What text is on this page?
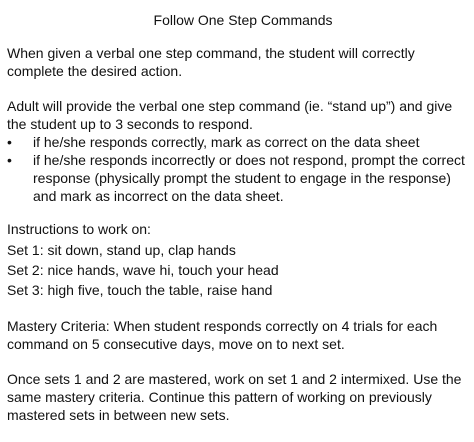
Follow One Step Commands

When given a verbal one step command, the student will correctly complete the desired action.

Adult will provide the verbal one step command (ie. “stand up”) and give the student up to 3 seconds to respond.

• if he/she responds correctly, mark as correct on the data sheet
• if he/she responds incorrectly or does not respond, prompt the correct response (physically prompt the student to engage in the response) and mark as incorrect on the data sheet.

Instructions to work on:

Set 1: sit down, stand up, clap hands

Set 2: nice hands, wave hi, touch your head

Set 3: high five, touch the table, raise hand

Mastery Criteria: When student responds correctly on 4 trials for each command on 5 consecutive days, move on to next set.

Once sets 1 and 2 are mastered, work on set 1 and 2 intermixed. Use the same mastery criteria. Continue this pattern of working on previously mastered sets in between new sets.
